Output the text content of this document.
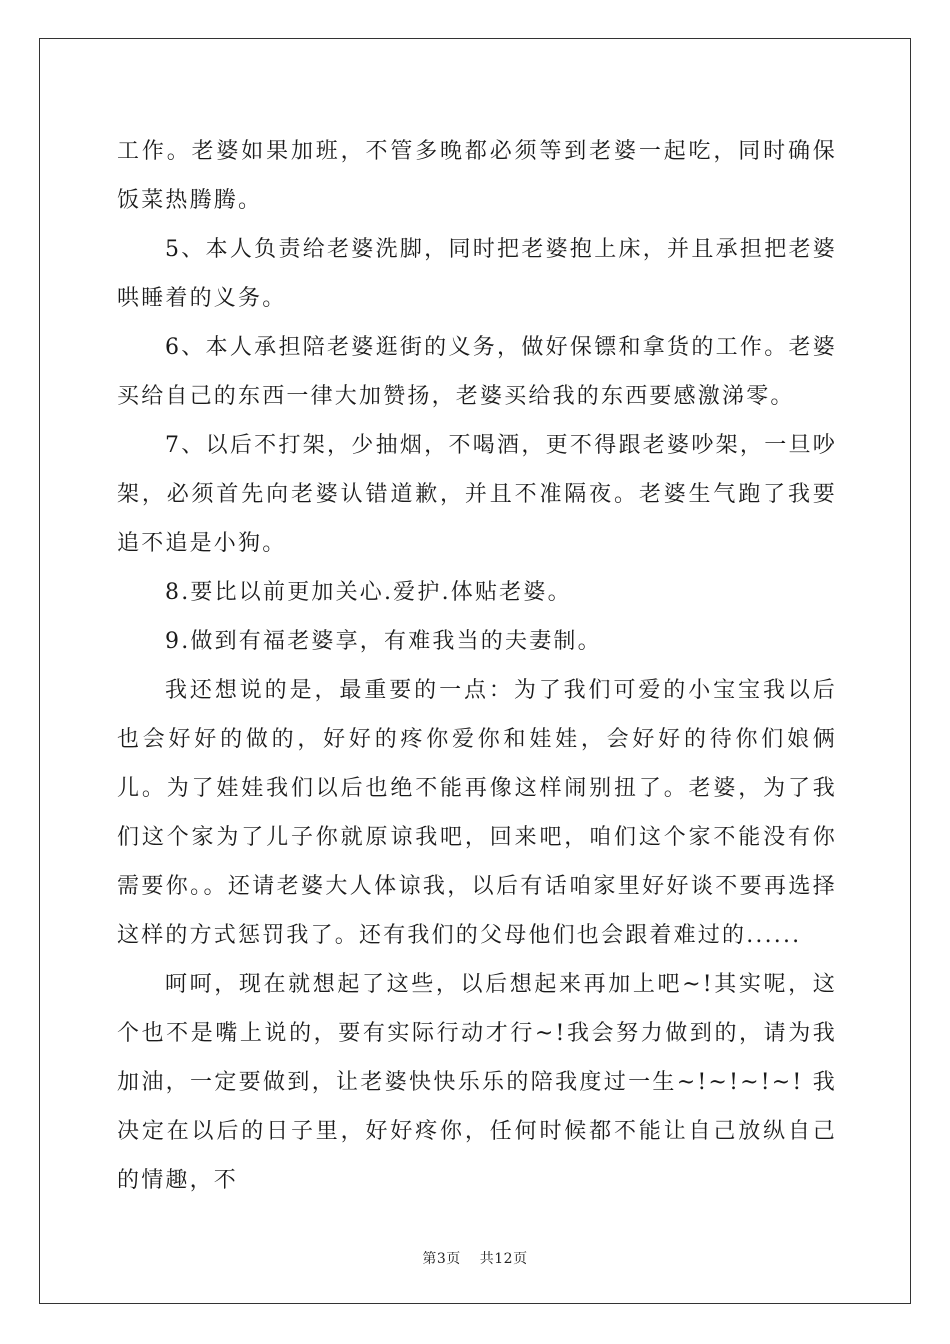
工作。老婆如果加班，不管多晚都必须等到老婆一起吃，同时确保饭菜热腾腾。

5、本人负责给老婆洗脚，同时把老婆抱上床，并且承担把老婆哄睡着的义务。

6、本人承担陪老婆逛街的义务，做好保镖和拿货的工作。老婆买给自己的东西一律大加赞扬，老婆买给我的东西要感激涕零。

7、以后不打架，少抽烟，不喝酒，更不得跟老婆吵架，一旦吵架，必须首先向老婆认错道歉，并且不准隔夜。老婆生气跑了我要追不追是小狗。

8.要比以前更加关心.爱护.体贴老婆。

9.做到有福老婆享，有难我当的夫妻制。

我还想说的是，最重要的一点：为了我们可爱的小宝宝我以后也会好好的做的，好好的疼你爱你和娃娃，会好好的待你们娘俩儿。为了娃娃我们以后也绝不能再像这样闹别扭了。老婆，为了我们这个家为了儿子你就原谅我吧，回来吧，咱们这个家不能没有你需要你。。还请老婆大人体谅我，以后有话咱家里好好谈不要再选择这样的方式惩罚我了。还有我们的父母他们也会跟着难过的......

呵呵，现在就想起了这些，以后想起来再加上吧~!其实呢，这个也不是嘴上说的，要有实际行动才行~!我会努力做到的，请为我加油，一定要做到，让老婆快快乐乐的陪我度过一生~!~!~!~! 我决定在以后的日子里，好好疼你，任何时候都不能让自己放纵自己的情趣，不

第3页 共12页
